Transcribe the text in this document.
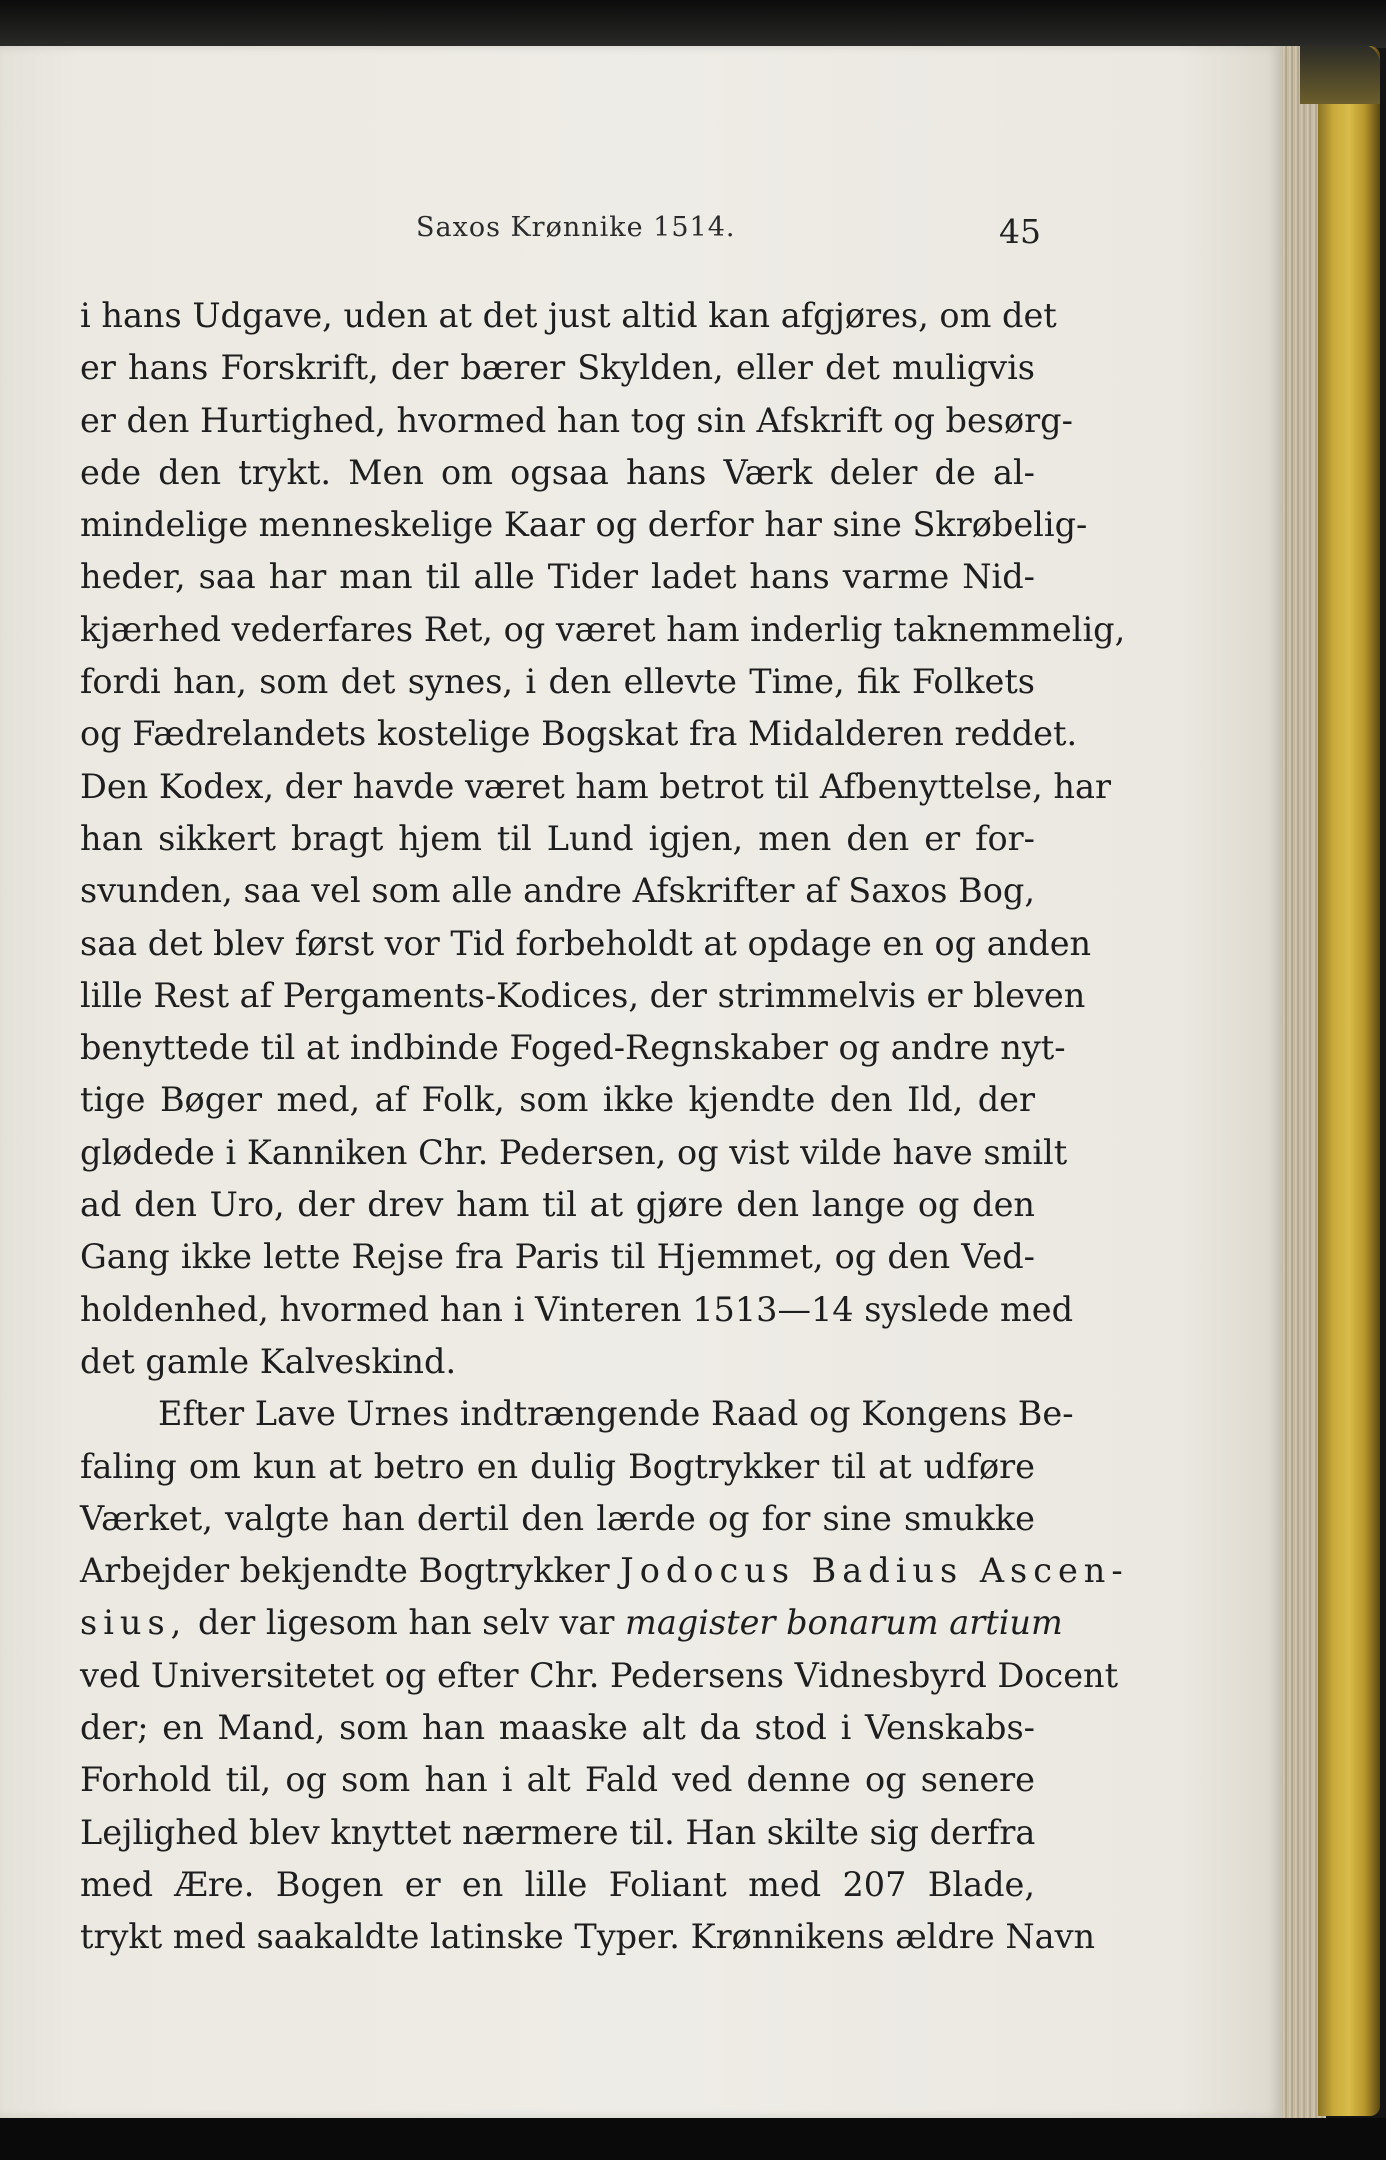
Saxos Krønnike 1514.	45
i hans Udgave, uden at det just altid kan afgjøres, om det
er hans Forskrift, der bærer Skylden, eller det muligvis
er den Hurtighed, hvormed han tog sin Afskrift og besørg-
ede den trykt. Men om ogsaa hans Værk deler de al-
mindelige menneskelige Kaar og derfor har sine Skrøbelig-
heder, saa har man til alle Tider ladet hans varme Nid-
kjærhed vederfares Ret, og været ham inderlig taknemmelig,
fordi han, som det synes, i den ellevte Time, fik Folkets
og Fædrelandets kostelige Bogskat fra Midalderen reddet.
Den Kodex, der havde været ham betrot til Afbenyttelse, har
han sikkert bragt hjem til Lund igjen, men den er for-
svunden, saa vel som alle andre Afskrifter af Saxos Bog,
saa det blev først vor Tid forbeholdt at opdage en og anden
lille Rest af Pergaments-Kodices, der strimmelvis er bleven
benyttede til at indbinde Foged-Regnskaber og andre nyt-
tige Bøger med, af Folk, som ikke kjendte den Ild, der
glødede i Kanniken Chr. Pedersen, og vist vilde have smilt
ad den Uro, der drev ham til at gjøre den lange og den
Gang ikke lette Rejse fra Paris til Hjemmet, og den Ved-
holdenhed, hvormed han i Vinteren 1513—14 syslede med
det gamle Kalveskind.
Efter Lave Urnes indtrængende Raad og Kongens Be-
faling om kun at betro en dulig Bogtrykker til at udføre
Værket, valgte han dertil den lærde og for sine smukke
Arbejder bekjendte Bogtrykker Jodocus Badius Ascen-
sius, der ligesom han selv var magister bonarum artium
ved Universitetet og efter Chr. Pedersens Vidnesbyrd Docent
der; en Mand, som han maaske alt da stod i Venskabs-
Forhold til, og som han i alt Fald ved denne og senere
Lejlighed blev knyttet nærmere til. Han skilte sig derfra
med Ære. Bogen er en lille Foliant med 207 Blade,
trykt med saakaldte latinske Typer. Krønnikens ældre Navn
